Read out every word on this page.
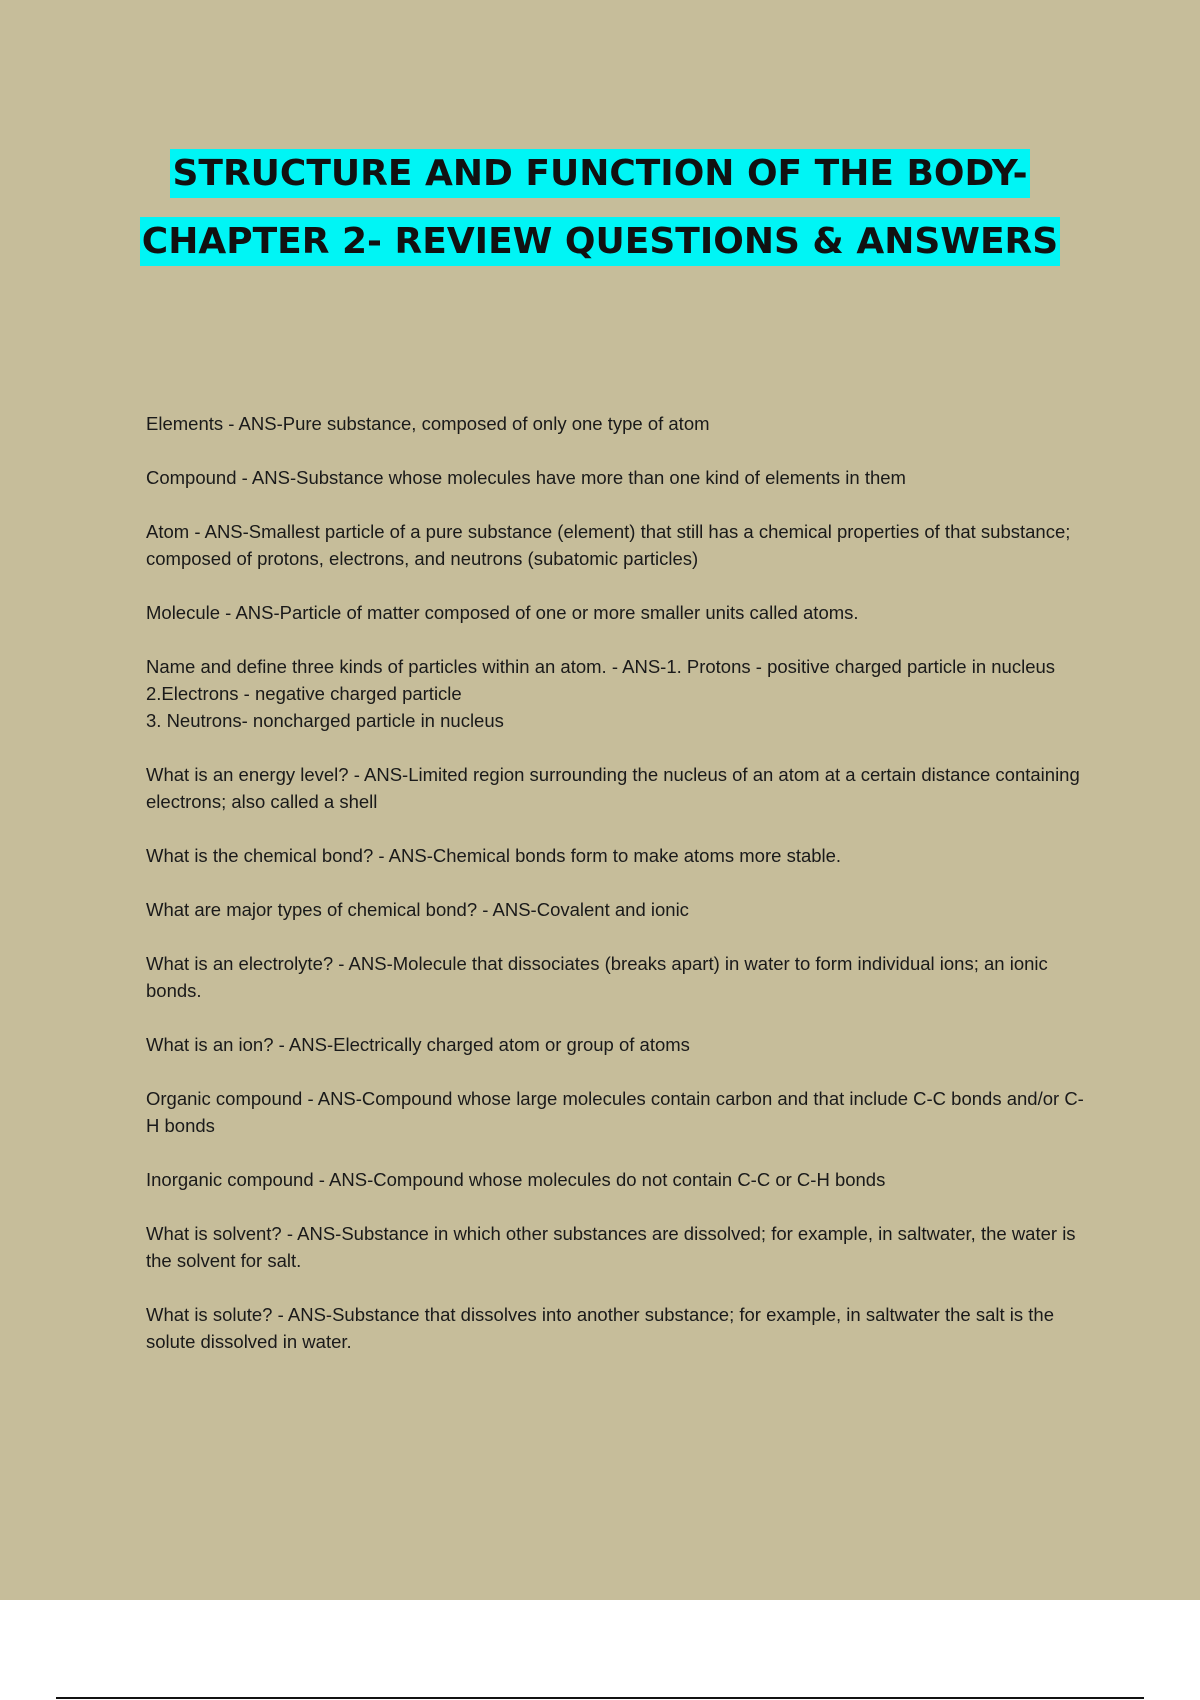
STRUCTURE AND FUNCTION OF THE BODY-
CHAPTER 2- REVIEW QUESTIONS & ANSWERS
Elements - ANS-Pure substance, composed of only one type of atom
Compound - ANS-Substance whose molecules have more than one kind of elements in them
Atom - ANS-Smallest particle of a pure substance (element) that still has a chemical properties of that substance; composed of protons, electrons, and neutrons (subatomic particles)
Molecule - ANS-Particle of matter composed of one or more smaller units called atoms.
Name and define three kinds of particles within an atom. - ANS-1. Protons - positive charged particle in nucleus
2.Electrons - negative charged particle
3. Neutrons- noncharged particle in nucleus
What is an energy level? - ANS-Limited region surrounding the nucleus of an atom at a certain distance containing electrons; also called a shell
What is the chemical bond? - ANS-Chemical bonds form to make atoms more stable.
What are major types of chemical bond? - ANS-Covalent and ionic
What is an electrolyte? - ANS-Molecule that dissociates (breaks apart) in water to form individual ions; an ionic bonds.
What is an ion? - ANS-Electrically charged atom or group of atoms
Organic compound - ANS-Compound whose large molecules contain carbon and that include C-C bonds and/or C-H bonds
Inorganic compound - ANS-Compound whose molecules do not contain C-C or C-H bonds
What is solvent? - ANS-Substance in which other substances are dissolved; for example, in saltwater, the water is the solvent for salt.
What is solute? - ANS-Substance that dissolves into another substance; for example, in saltwater the salt is the solute dissolved in water.
